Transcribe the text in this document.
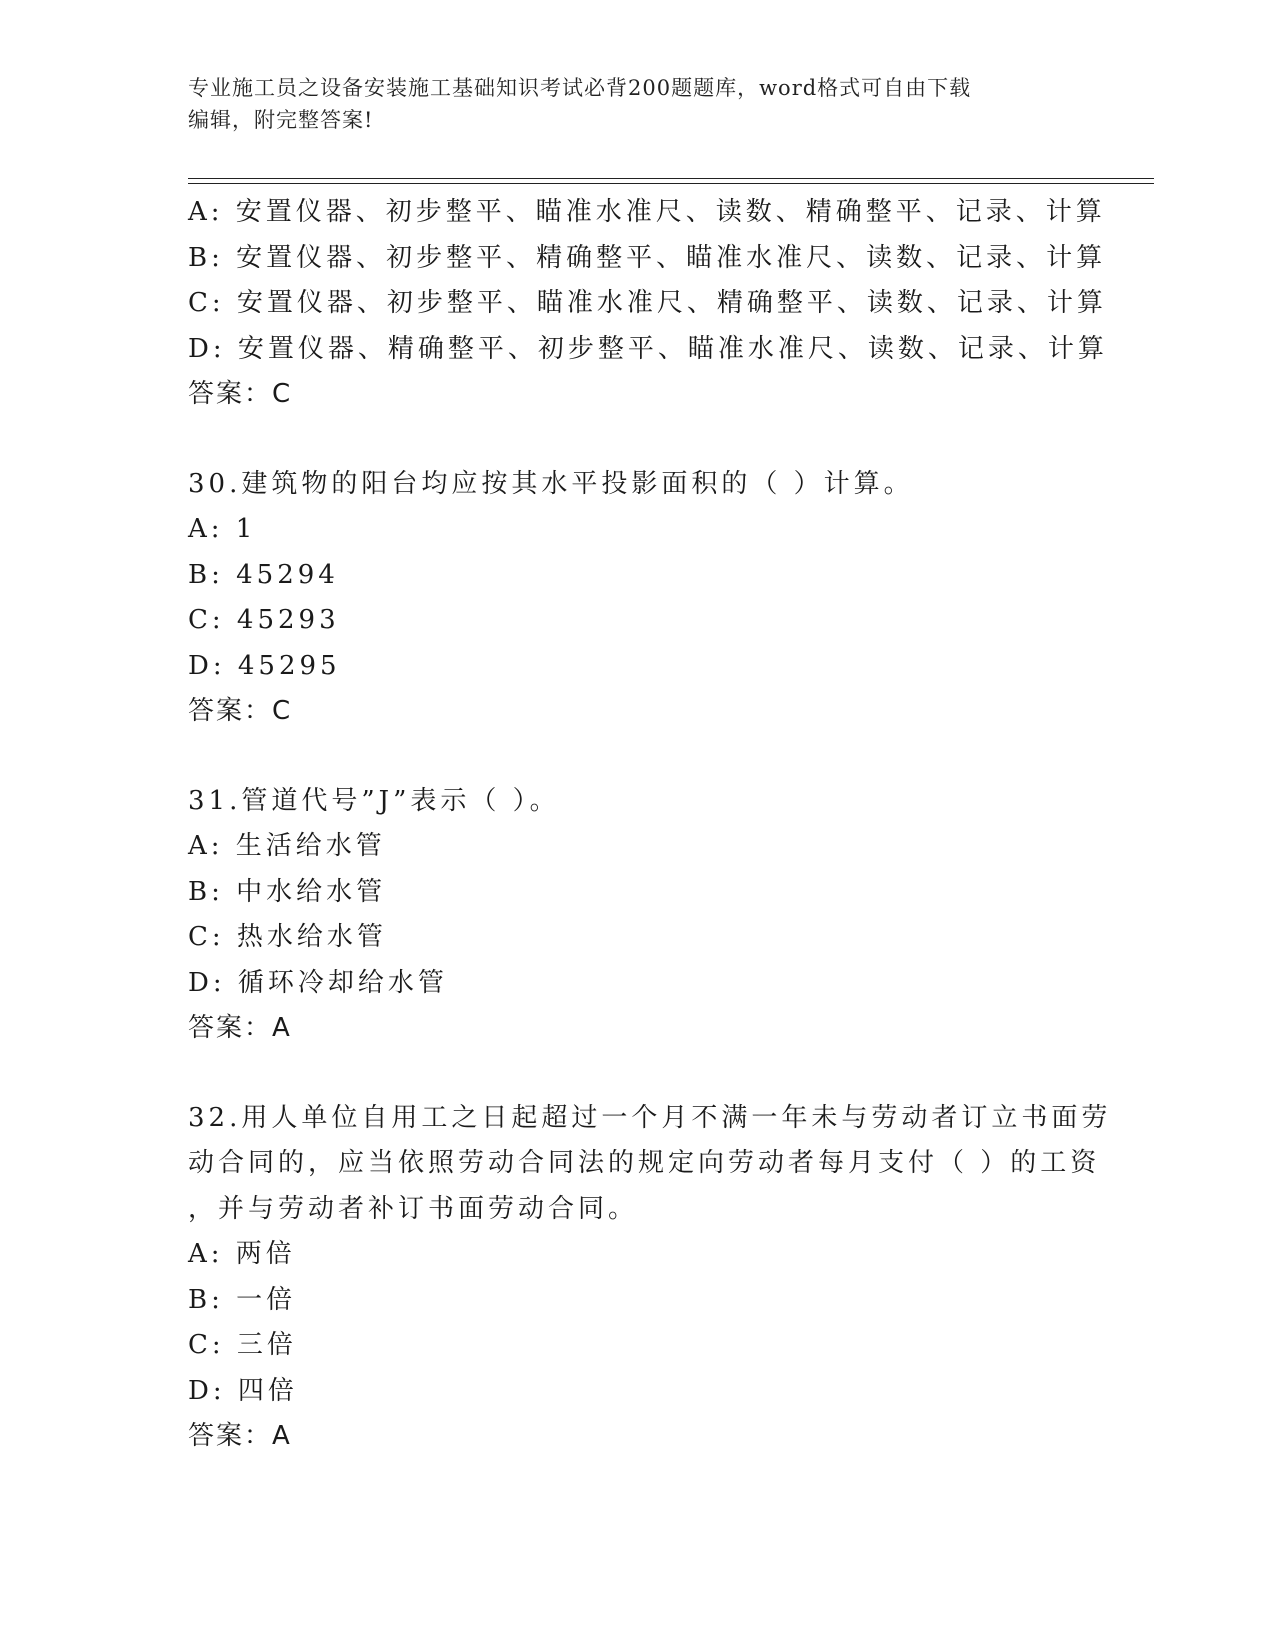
专业施工员之设备安装施工基础知识考试必背200题题库，word格式可自由下载
编辑，附完整答案!
A: 安置仪器、初步整平、瞄准水准尺、读数、精确整平、记录、计算
B: 安置仪器、初步整平、精确整平、瞄准水准尺、读数、记录、计算
C: 安置仪器、初步整平、瞄准水准尺、精确整平、读数、记录、计算
D: 安置仪器、精确整平、初步整平、瞄准水准尺、读数、记录、计算
答案：C
30.建筑物的阳台均应按其水平投影面积的（ ）计算。
A: 1
B: 45294
C: 45293
D: 45295
答案：C
31.管道代号”J”表示（ ）。
A: 生活给水管
B: 中水给水管
C: 热水给水管
D: 循环冷却给水管
答案：A
32.用人单位自用工之日起超过一个月不满一年未与劳动者订立书面劳
动合同的，应当依照劳动合同法的规定向劳动者每月支付（ ）的工资
，并与劳动者补订书面劳动合同。
A: 两倍
B: 一倍
C: 三倍
D: 四倍
答案：A
